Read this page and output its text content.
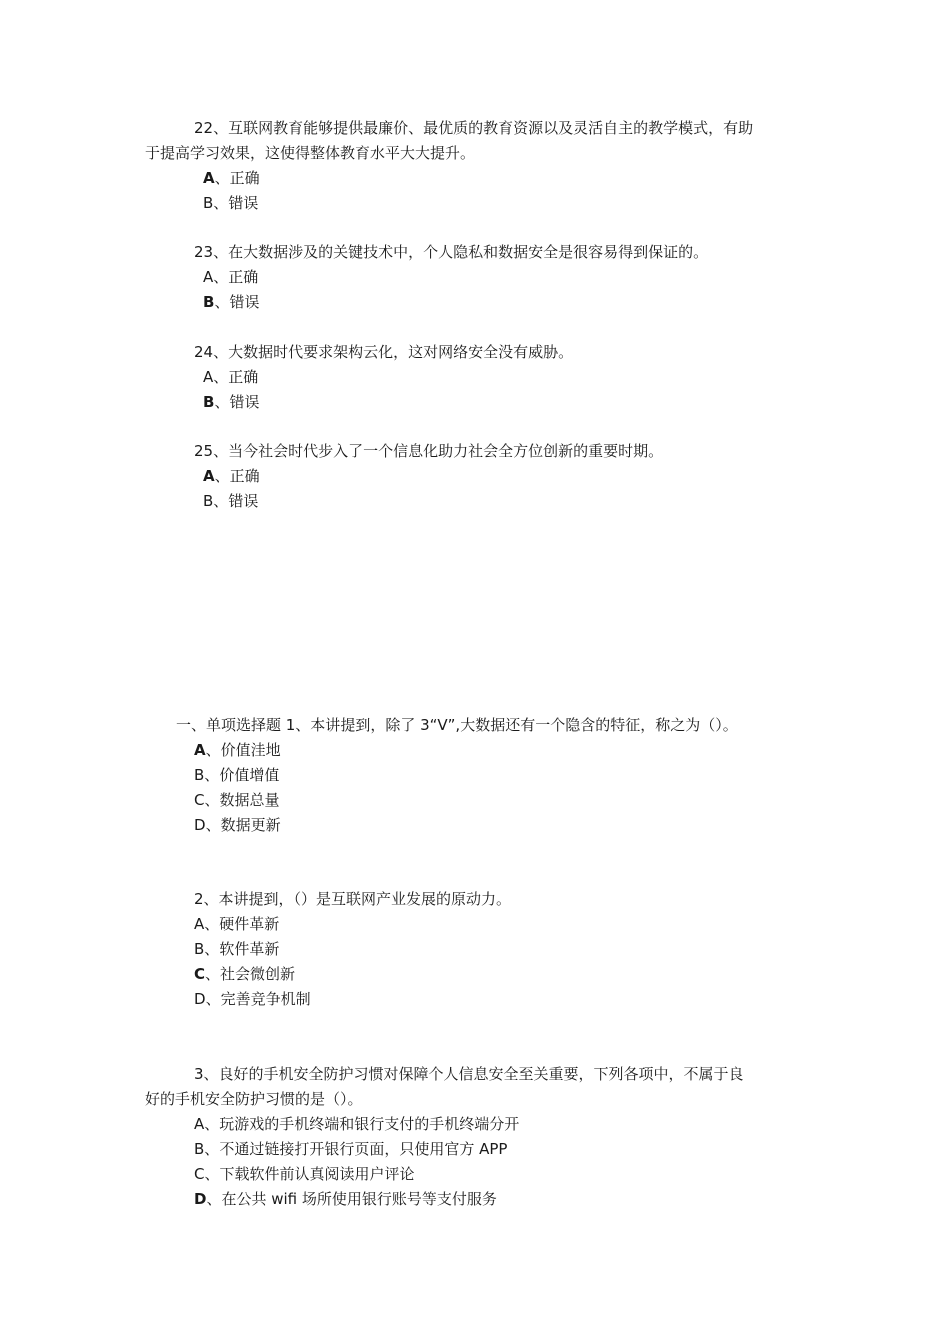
22、互联网教育能够提供最廉价、最优质的教育资源以及灵活自主的教学模式，有助
于提高学习效果，这使得整体教育水平大大提升。
A、正确
B、错误
23、在大数据涉及的关键技术中，个人隐私和数据安全是很容易得到保证的。
A、正确
B、错误
24、大数据时代要求架构云化，这对网络安全没有威胁。
A、正确
B、错误
25、当今社会时代步入了一个信息化助力社会全方位创新的重要时期。
A、正确
B、错误
一、单项选择题 1、本讲提到，除了 3“V”,大数据还有一个隐含的特征，称之为（）。
A、价值洼地
B、价值增值
C、数据总量
D、数据更新
2、本讲提到，（）是互联网产业发展的原动力。
A、硬件革新
B、软件革新
C、社会微创新
D、完善竞争机制
3、良好的手机安全防护习惯对保障个人信息安全至关重要，下列各项中，不属于良
好的手机安全防护习惯的是（）。
A、玩游戏的手机终端和银行支付的手机终端分开
B、不通过链接打开银行页面，只使用官方 APP
C、下载软件前认真阅读用户评论
D、在公共 wifi 场所使用银行账号等支付服务
